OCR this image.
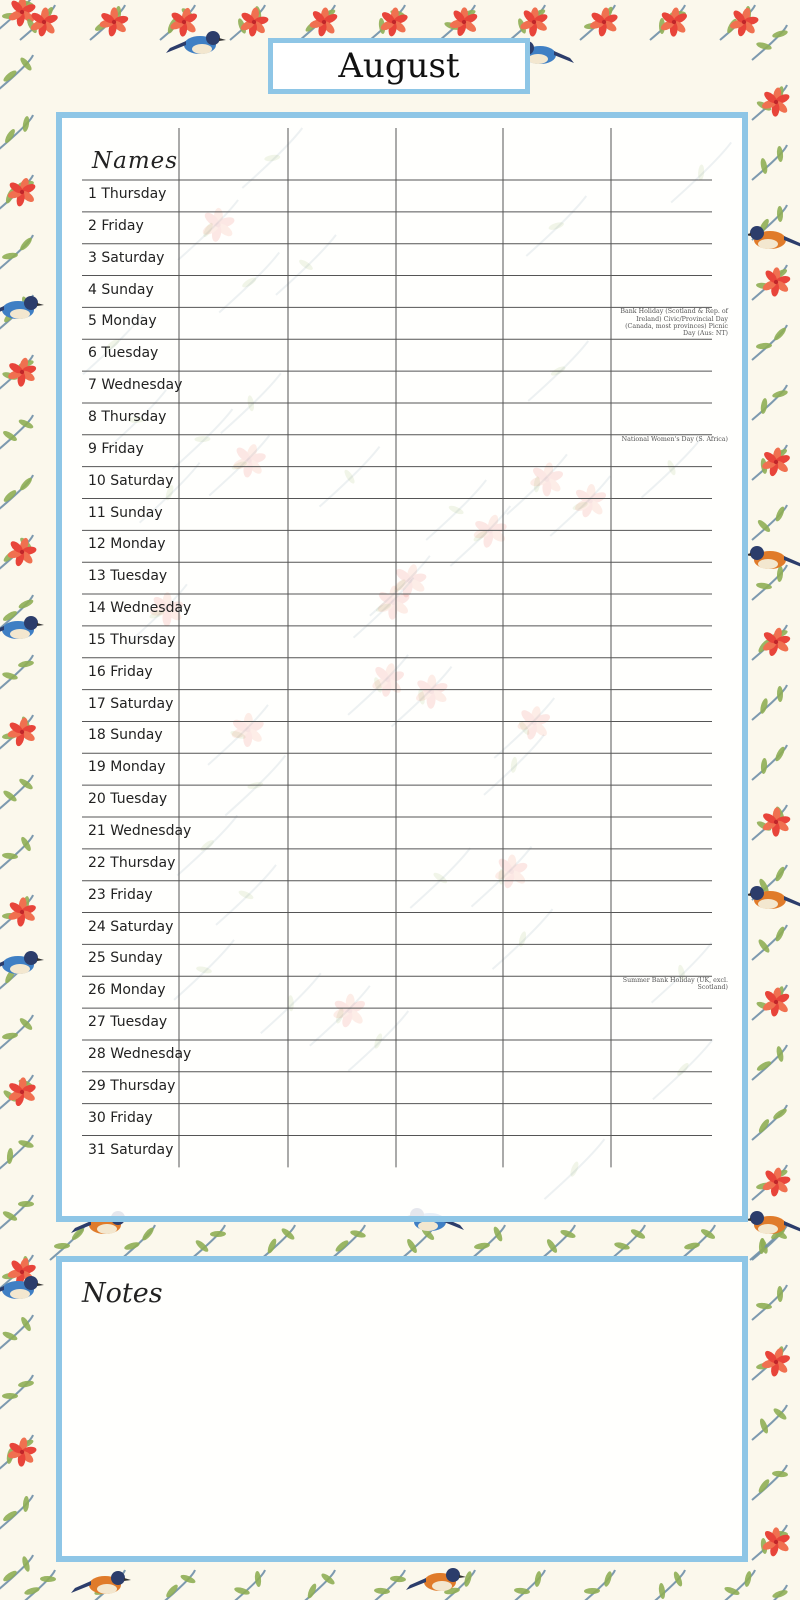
August
Names
1 Thursday
2 Friday
3 Saturday
4 Sunday
5 Monday
Bank Holiday (Scotland & Rep. of Ireland) Civic/Provincial Day (Canada, most provinces) Picnic Day (Aus: NT)
6 Tuesday
7 Wednesday
8 Thursday
9 Friday
National Women's Day (S. Africa)
10 Saturday
11 Sunday
12 Monday
13 Tuesday
14 Wednesday
15 Thursday
16 Friday
17 Saturday
18 Sunday
19 Monday
20 Tuesday
21 Wednesday
22 Thursday
23 Friday
24 Saturday
25 Sunday
26 Monday
Summer Bank Holiday (UK, excl. Scotland)
27 Tuesday
28 Wednesday
29 Thursday
30 Friday
31 Saturday
Notes
